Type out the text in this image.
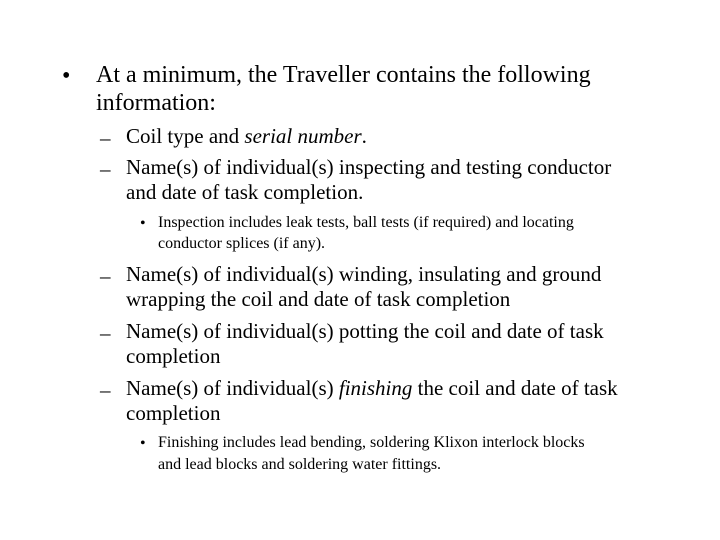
• At a minimum, the Traveller contains the following
information:
– Coil type and serial number.
– Name(s) of individual(s) inspecting and testing conductor
and date of task completion.
• Inspection includes leak tests, ball tests (if required) and locating
conductor splices (if any).
– Name(s) of individual(s) winding, insulating and ground
wrapping the coil and date of task completion
– Name(s) of individual(s) potting the coil and date of task
completion
– Name(s) of individual(s) finishing the coil and date of task
completion
• Finishing includes lead bending, soldering Klixon interlock blocks
and lead blocks and soldering water fittings.
